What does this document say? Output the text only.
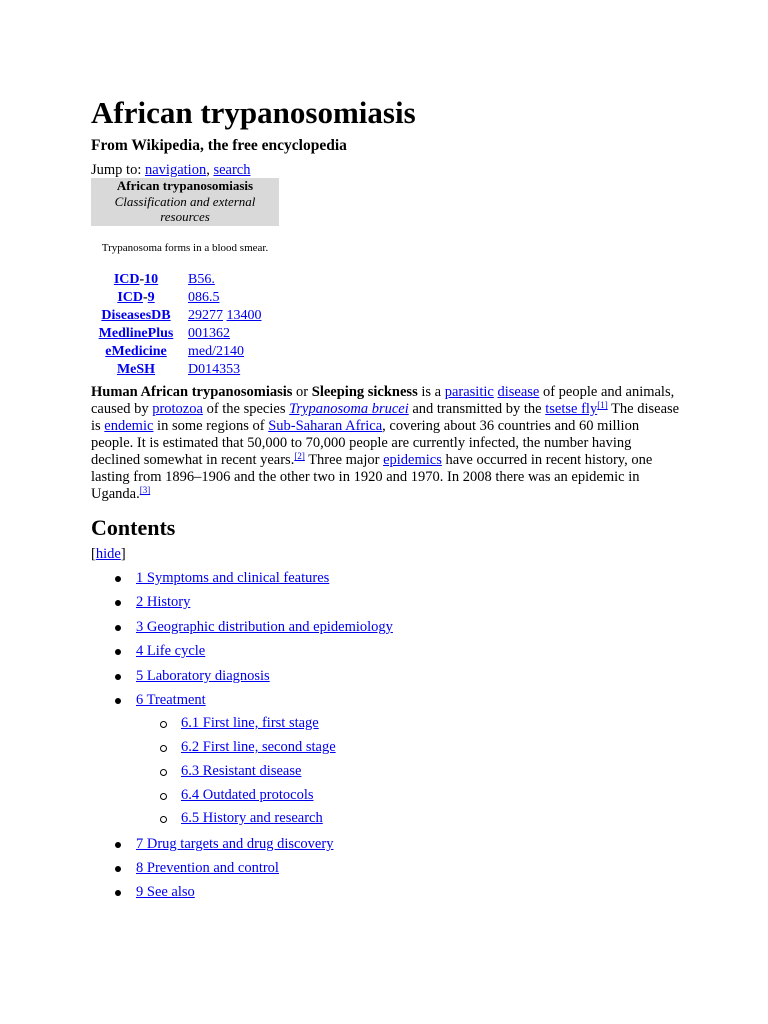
African trypanosomiasis
From Wikipedia, the free encyclopedia
Jump to: navigation, search
African trypanosomiasis
Classification and external resources
Trypanosoma forms in a blood smear.
ICD-10	B56.
ICD-9	086.5
DiseasesDB	29277 13400
MedlinePlus	001362
eMedicine	med/2140
MeSH	D014353

Human African trypanosomiasis or Sleeping sickness is a parasitic disease of people and animals, caused by protozoa of the species Trypanosoma brucei and transmitted by the tsetse fly[1] The disease is endemic in some regions of Sub-Saharan Africa, covering about 36 countries and 60 million people. It is estimated that 50,000 to 70,000 people are currently infected, the number having declined somewhat in recent years.[2] Three major epidemics have occurred in recent history, one lasting from 1896–1906 and the other two in 1920 and 1970. In 2008 there was an epidemic in Uganda.[3]

Contents
[hide]
1 Symptoms and clinical features
2 History
3 Geographic distribution and epidemiology
4 Life cycle
5 Laboratory diagnosis
6 Treatment
6.1 First line, first stage
6.2 First line, second stage
6.3 Resistant disease
6.4 Outdated protocols
6.5 History and research
7 Drug targets and drug discovery
8 Prevention and control
9 See also
